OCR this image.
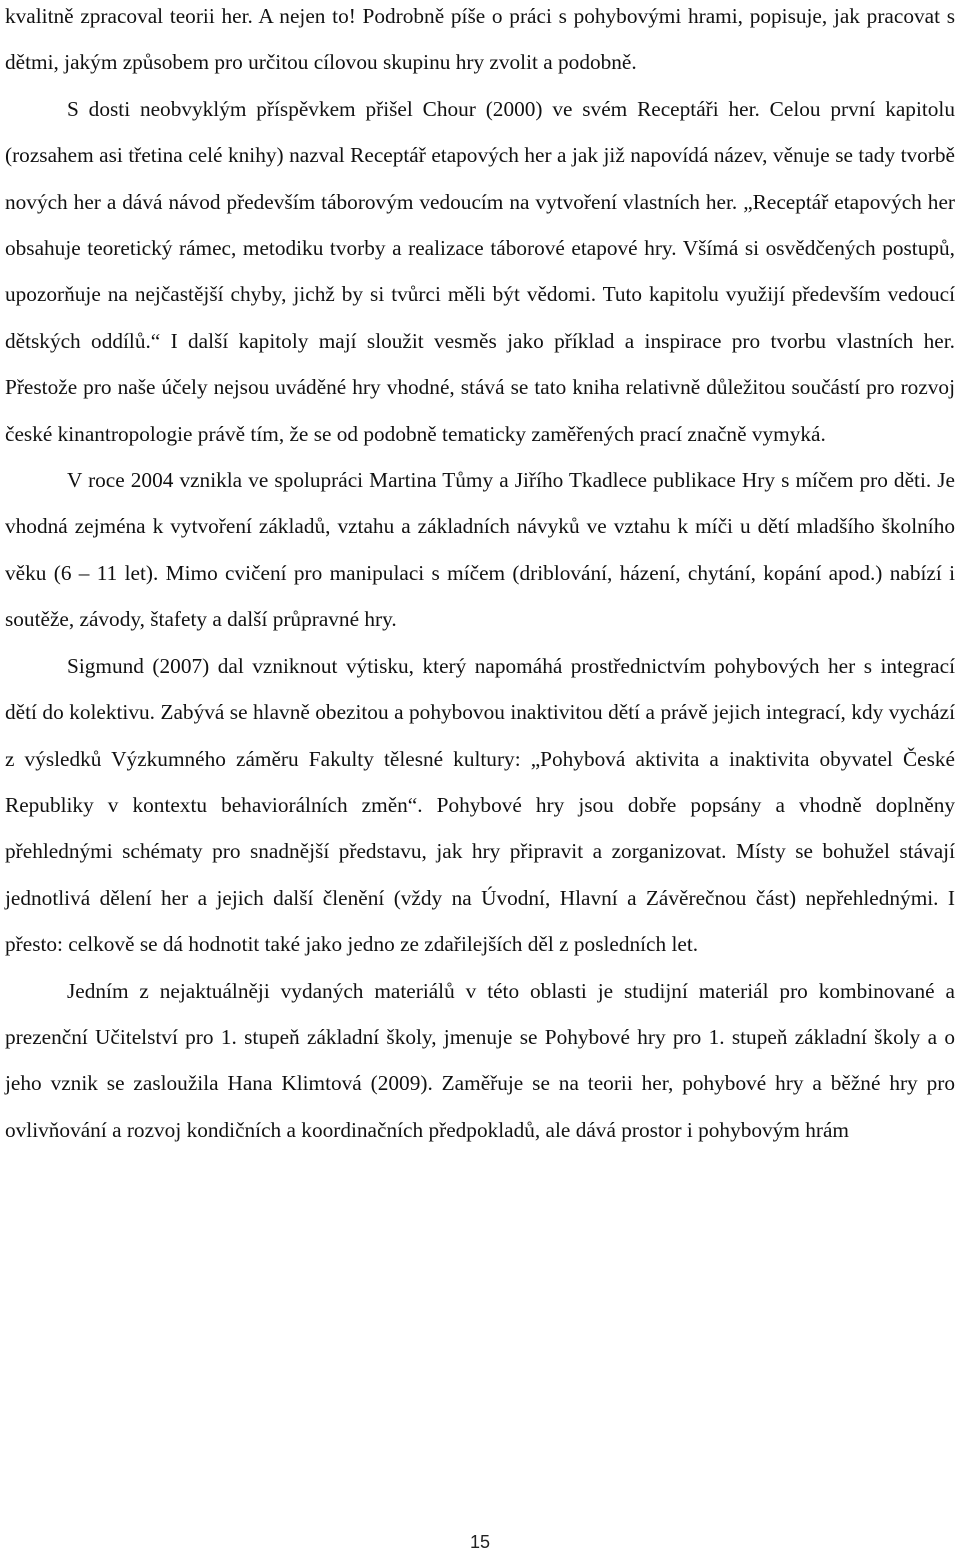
kvalitně zpracoval teorii her. A nejen to! Podrobně píše o práci s pohybovými hrami, popisuje, jak pracovat s dětmi, jakým způsobem pro určitou cílovou skupinu hry zvolit a podobně.

S dosti neobvyklým příspěvkem přišel Chour (2000) ve svém Receptáři her. Celou první kapitolu (rozsahem asi třetina celé knihy) nazval Receptář etapových her a jak již napovídá název, věnuje se tady tvorbě nových her a dává návod především táborovým vedoucím na vytvoření vlastních her. „Receptář etapových her obsahuje teoretický rámec, metodiku tvorby a realizace táborové etapové hry. Všímá si osvědčených postupů, upozorňuje na nejčastější chyby, jichž by si tvůrci měli být vědomi. Tuto kapitolu využijí především vedoucí dětských oddílů.“ I další kapitoly mají sloužit vesměs jako příklad a inspirace pro tvorbu vlastních her. Přestože pro naše účely nejsou uváděné hry vhodné, stává se tato kniha relativně důležitou součástí pro rozvoj české kinantropologie právě tím, že se od podobně tematicky zaměřených prací značně vymyká.

V roce 2004 vznikla ve spolupráci Martina Tůmy a Jiřího Tkadlece publikace Hry s míčem pro děti. Je vhodná zejména k vytvoření základů, vztahu a základních návyků ve vztahu k míči u dětí mladšího školního věku (6 – 11 let). Mimo cvičení pro manipulaci s míčem (driblování, házení, chytání, kopání apod.) nabízí i soutěže, závody, štafety a další průpravné hry.

Sigmund (2007) dal vzniknout výtisku, který napomáhá prostřednictvím pohybových her s integrací dětí do kolektivu. Zabývá se hlavně obezitou a pohybovou inaktivitou dětí a právě jejich integrací, kdy vychází z výsledků Výzkumného záměru Fakulty tělesné kultury: „Pohybová aktivita a inaktivita obyvatel České Republiky v kontextu behaviorálních změn“. Pohybové hry jsou dobře popsány a vhodně doplněny přehlednými schématy pro snadnější představu, jak hry připravit a zorganizovat. Místy se bohužel stávají jednotlivá dělení her a jejich další členění (vždy na Úvodní, Hlavní a Závěrečnou část) nepřehlednými. I přesto: celkově se dá hodnotit také jako jedno ze zdařilejších děl z posledních let.

Jedním z nejaktuálněji vydaných materiálů v této oblasti je studijní materiál pro kombinované a prezenční Učitelství pro 1. stupeň základní školy, jmenuje se Pohybové hry pro 1. stupeň základní školy a o jeho vznik se zasloužila Hana Klimtová (2009). Zaměřuje se na teorii her, pohybové hry a běžné hry pro ovlivňování a rozvoj kondičních a koordinačních předpokladů, ale dává prostor i pohybovým hrám

15
